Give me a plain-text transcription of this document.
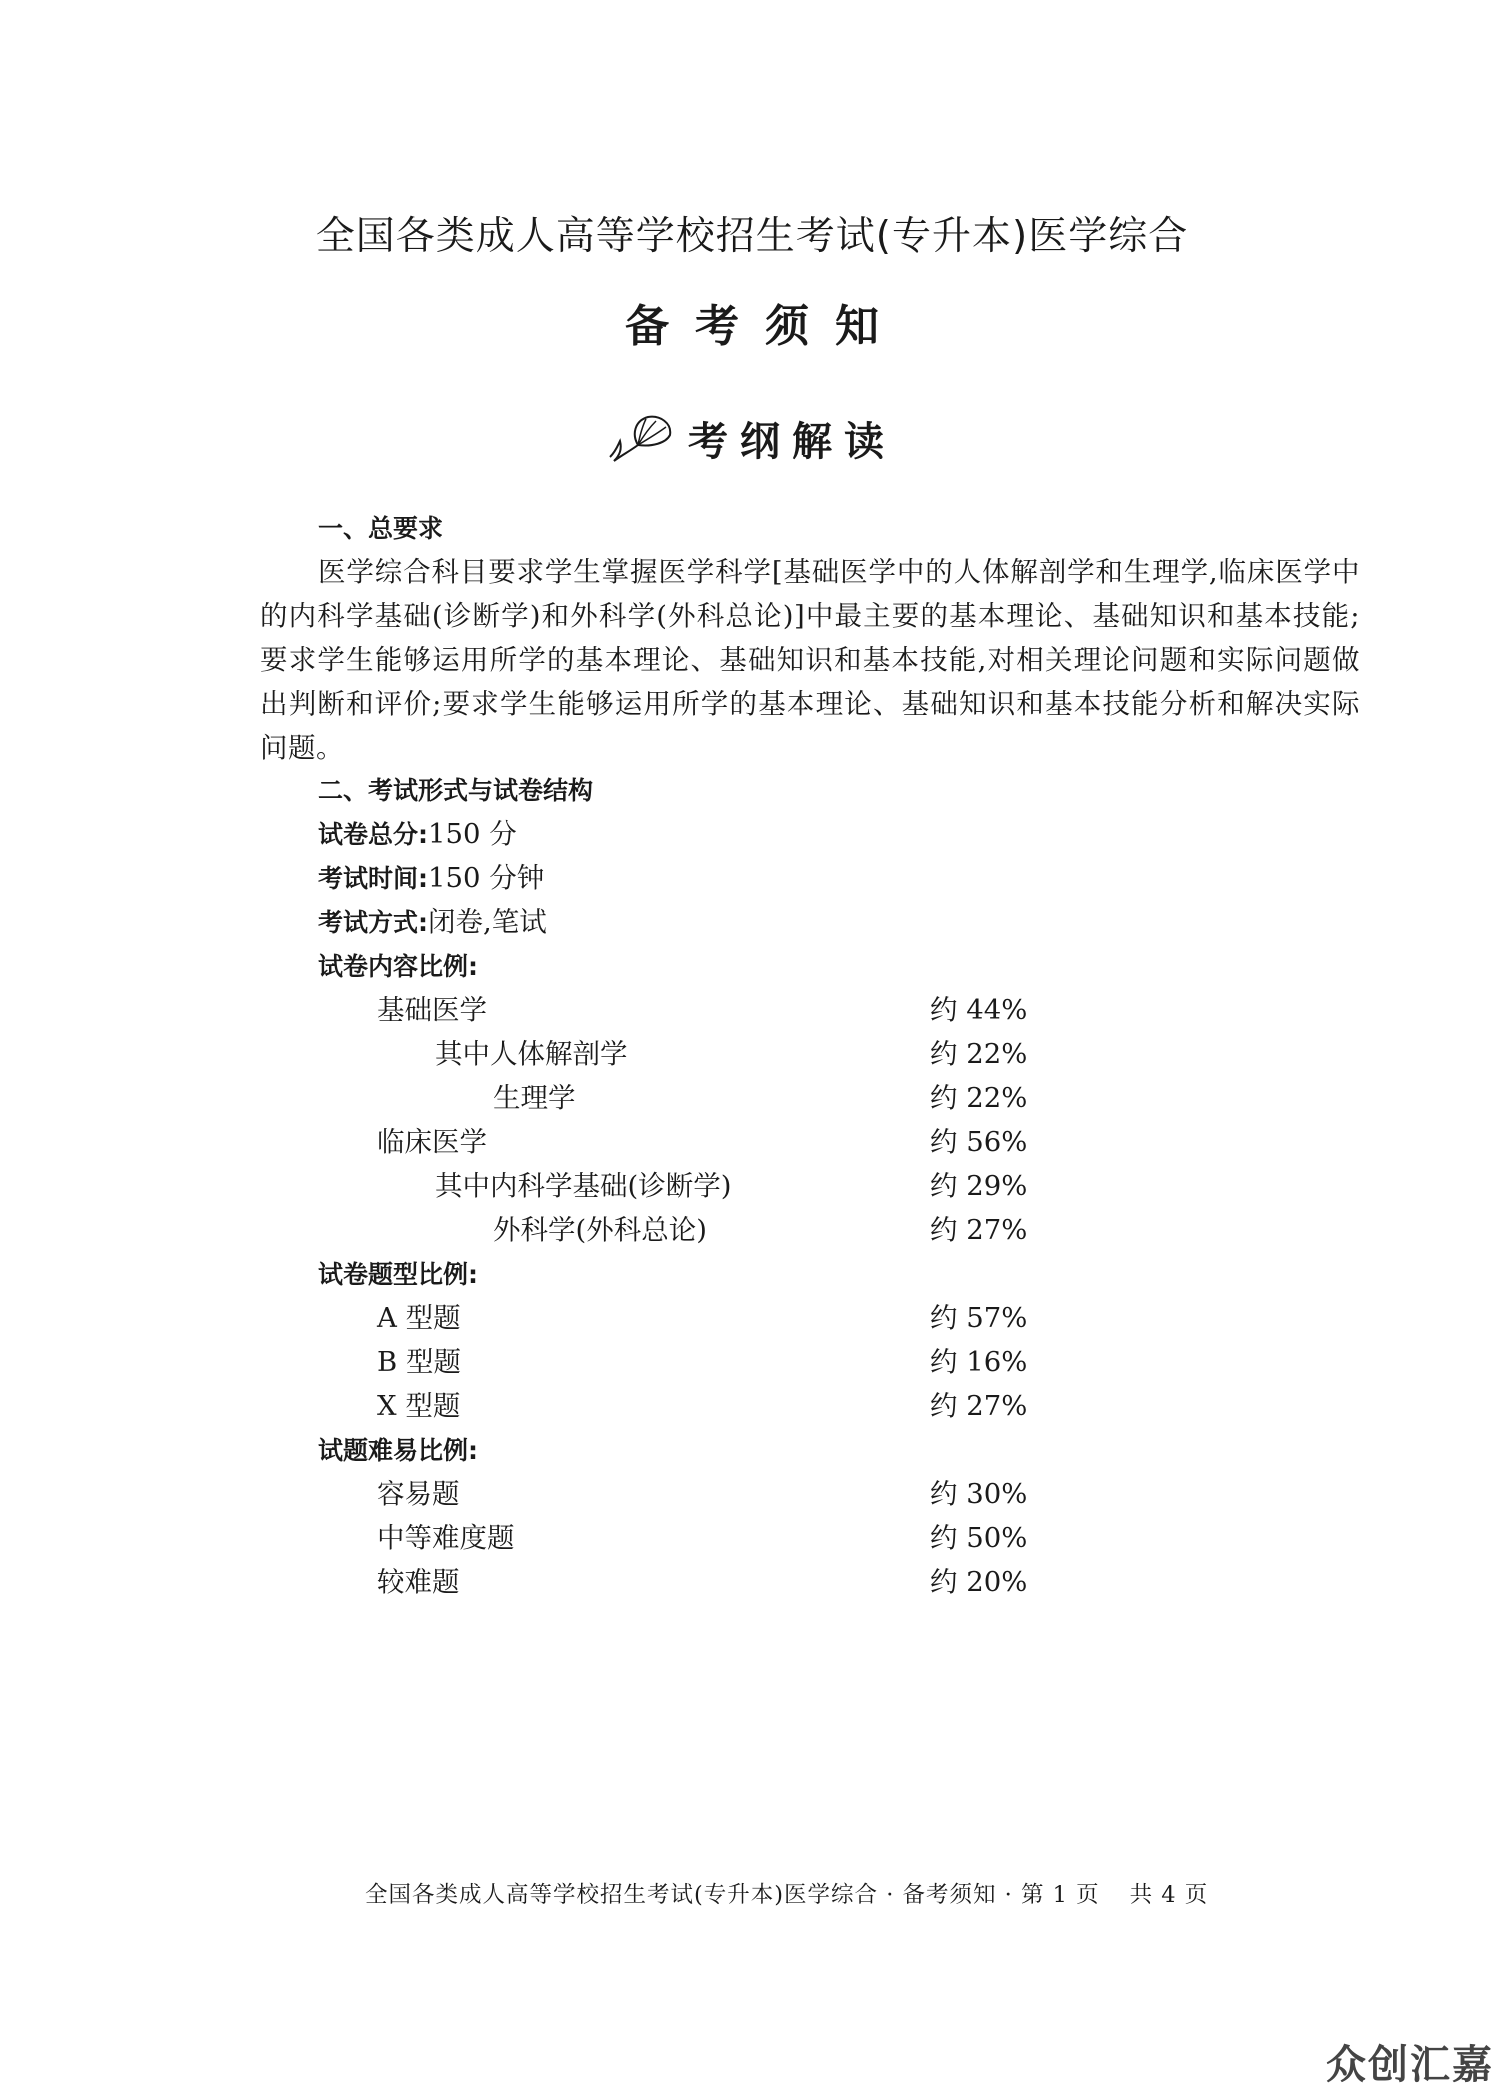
全国各类成人高等学校招生考试(专升本)医学综合
备考须知
考纲解读
一、总要求
医学综合科目要求学生掌握医学科学[基础医学中的人体解剖学和生理学,临床医学中的内科学基础(诊断学)和外科学(外科总论)]中最主要的基本理论、基础知识和基本技能;要求学生能够运用所学的基本理论、基础知识和基本技能,对相关理论问题和实际问题做出判断和评价;要求学生能够运用所学的基本理论、基础知识和基本技能分析和解决实际问题。
二、考试形式与试卷结构
试卷总分:150 分
考试时间:150 分钟
考试方式:闭卷,笔试
试卷内容比例:
基础医学	约 44%
其中人体解剖学	约 22%
生理学	约 22%
临床医学	约 56%
其中内科学基础(诊断学)	约 29%
外科学(外科总论)	约 27%
试卷题型比例:
A 型题	约 57%
B 型题	约 16%
X 型题	约 27%
试题难易比例:
容易题	约 30%
中等难度题	约 50%
较难题	约 20%
全国各类成人高等学校招生考试(专升本)医学综合 · 备考须知 · 第 1 页 共 4 页
众创汇嘉
